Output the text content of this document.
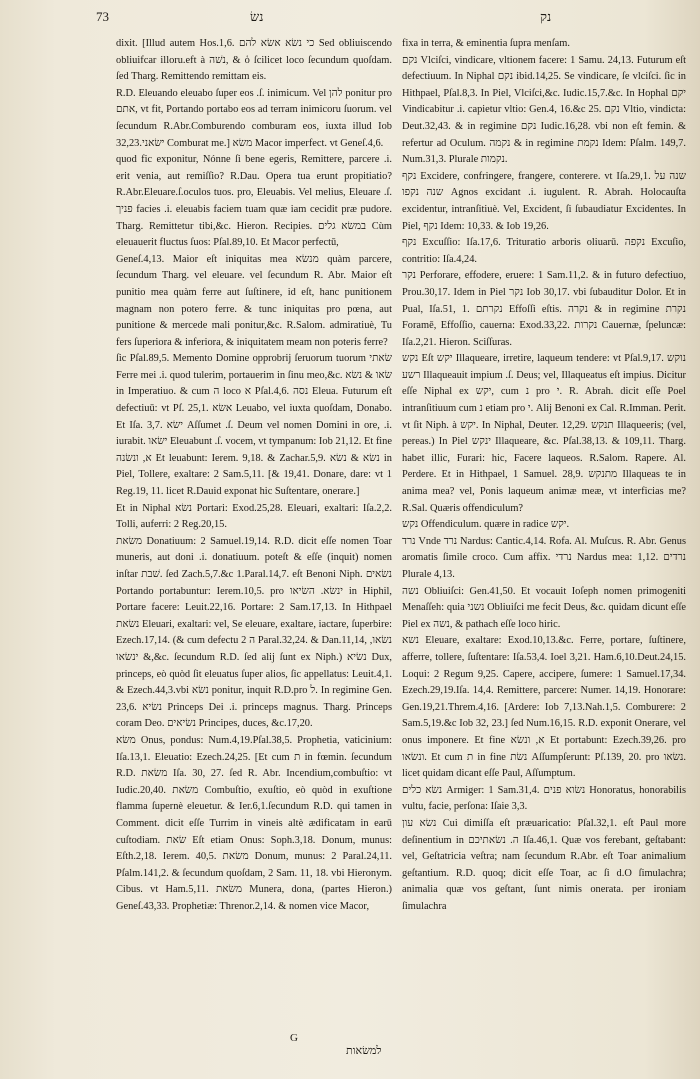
73	נשׂ	נק

dixit. [Illud autem Hos.1,6. כי נשׂא אשׂא להם Sed obliuiscendo obliuifcar illoru.eft à נשׁה, & ὁ ſcilicet loco ſecundum quoſdam. ſed Tharg. Remittendo remittam eis.

R.D. Eleuando eleuabo ſuper eos .ſ. inimicum. Vel להן ponitur pro אתם, vt fit, Portando portabo eos ad terram inimicoru ſuorum. vel ſecundum R.Abr.Comburendo comburam eos, iuxta illud Iob 32,23.ישׂאני Comburat me.] משׂא Macor imperfect. vt Geneſ.4,6.

quod fic exponitur, Nónne ſi bene egeris, Remittere, parcere .i. erit venia, aut remiſſio? R.Dau. Opera tua erunt propitiatio? R.Abr.Eleuare.ſ.oculos tuos. pro, Eleuabis. Vel melius, Eleuare .ſ. פניך facies .i. eleuabis faciem tuam quæ iam cecidit præ pudore. Tharg. Remittetur tibi,&c. Hieron. Recipies. במשׂא גלים Cùm eleuauerit fluctus ſuos: Pſal.89,10. Et Macor perfectū,

Geneſ.4,13. Maior eſt iniquitas mea מנשׂא quàm parcere, ſecundum Tharg. vel eleuare. vel ſecundum R. Abr. Maior eſt punitio mea quàm ferre aut ſuſtinere, id eſt, hanc punitionem magnam non potero ferre. & tunc iniquitas pro pœna, aut punitione & mercede mali ponitur,&c. R.Salom. admiratiuè, Tu fers ſuperiora & inferiora, & iniquitatem meam non poteris ferre?

ſic Pſal.89,5. Memento Domine opprobrij ſeruorum tuorum שׂאתי Ferre mei .i. quod tulerim, portauerim in ſinu meo,&c. שׂאו & נשׂא in Imperatiuo. & cum ה loco א Pſal.4,6. נסה Eleua. Futurum eſt defectiuū: vt Pſ. 25,1. אשׂא Leuabo, vel iuxta quoſdam, Donabo. Et Iſa. 3,7. ישׂא Aſſumet .ſ. Deum vel nomen Domini in ore, .i. iurabit. ישׂאו Eleuabunt .ſ. vocem, vt tympanum: Iob 21,12. Et fine א, ונשׂנה Et leuabunt: Ierem. 9,18. & Zachar.5,9. נשׂא & נשׂא in Piel, Tollere, exaltare: 2 Sam.5,11. [& 19,41. Donare, dare: vt 1 Reg.19, 11. licet R.Dauid exponat hic Suſtentare, onerare.]

Et in Niphal נשׂא Portari: Exod.25,28. Eleuari, exaltari: Iſa.2,2. Tolli, auferri: 2 Reg.20,15.

משׂאת Donatiuum: 2 Samuel.19,14. R.D. dicit eſſe nomen Toar muneris, aut doni .i. donatiuum. poteſt & eſſe (inquit) nomen inſtar שׁבת. ſed Zach.5,7.&c 1.Paral.14,7. eſt Benoni Niph. נשׂאים Portando portabuntur: Ierem.10,5. pro ינשׂא. השׂיאו in Hiphil, Portare facere: Leuit.22,16. Portare: 2 Sam.17,13. In Hithpael נשׂאת Eleuari, exaltari: vel, Se eleuare, exaltare, iactare, ſuperbire: Ezech.17,14. (& cum defectu ה 2 Paral.32,24. & Dan.11,14, נשׂאו, & ינשׂאו,&c. ſecundum R.D. ſed alij ſunt ex Niph.) נשׂיא Dux, princeps, eò quòd ſit eleuatus ſuper alios, ſic appellatus: Leuit.4,1. & Ezech.44,3.vbi נשׂא ponitur, inquit R.D.pro ל. In regimine Gen. 23,6. נשׂיא Princeps Dei .i. princeps magnus. Tharg. Princeps coram Deo. נשׂיאים Principes, duces, &c.17,20.

משׂא Onus, pondus: Num.4,19.Pſal.38,5. Prophetia, vaticinium: Iſa.13,1. Eleuatio: Ezech.24,25. [Et cum ת in fœmin. ſecundum R.D. משׂאת Iſa. 30, 27. ſed R. Abr. Incendium,combuſtio: vt Iudic.20,40. משׂאת Combuſtio, exuſtio, eò quòd in exuſtione flamma ſupernè eleuetur. & Ier.6,1.ſecundum R.D. qui tamen in Comment. dicit eſſe Turrim in vineis altè ædificatam in earū cuſtodiam. שׂאת Eſt etiam Onus: Soph.3,18. Donum, munus: Eſth.2,18. Ierem. 40,5. משׂאת Donum, munus: 2 Paral.24,11. Pſalm.141,2. & ſecundum quoſdam, 2 Sam. 11, 18. vbi Hieronym. Cibus. vt Ham.5,11. משׂאת Munera, dona, (partes Hieron.) Geneſ.43,33. Prophetiæ: Threnor.2,14. & nomen vice Macor,

fixa in terra, & eminentia ſupra menſam.

נקם Vlciſci, vindicare, vltionem facere: 1 Samu. 24,13. Futurum eſt defectiuum. In Niphal נקם ibid.14,25. Se vindicare, ſe vlciſci. ſic in Hithpael, Pſal.8,3. In Piel, Vlciſci,&c. Iudic.15,7.&c. In Hophal יקם Vindicabitur .i. capietur vltio: Gen.4, 16.&c 25. נקם Vltio, vindicta: Deut.32,43. & in regimine נקם Iudic.16,28. vbi non eſt femin. & refertur ad Oculum. נקמה & in regimine נקמת Idem: Pſalm. 149,7. Num.31,3. Plurale נקמות.

נקף Excidere, confringere, frangere, conterere. vt Iſa.29,1. שנה על שנה נקפו Agnos excidant .i. iugulent. R. Abrah. Holocauſta excidentur, intranſitiuè. Vel, Excident, ſi ſubaudiatur Excidentes. In Piel, נקף Idem: 10,33. & Iob 19,26.

נקף Excuſſio: Iſa.17,6. Trituratio arboris oliuarū. נקפה Excuſio, contritio: Iſa.4,24.

נקר Perforare, effodere, eruere: 1 Sam.11,2. & in futuro defectiuo, Prou.30,17. Idem in Piel נקר Iob 30,17. vbi ſubauditur Dolor. Et in Pual, Iſa.51, 1. נקרתם Effoſſi eſtis. נקרה & in regimine נקרת Foramē, Effoſſio, cauerna: Exod.33,22. נקרות Cauernæ, ſpeluncæ: Iſa.2,21. Hieron. Sciſſuras.

נקש Eſt יקש Illaqueare, irretire, laqueum tendere: vt Pſal.9,17. נוקש רשע Illaqueauit impium .ſ. Deus; vel, Illaqueatus eſt impius. Dicitur eſſe Niphal ex יקש, cum נ pro י. R. Abrah. dicit eſſe Poel intranſitiuum cum נ etiam pro י. Alij Benoni ex Cal. R.Imman. Perit. vt ſit Niph. à יקש. In Niphal, Deuter. 12,29. תנקש Illaqueeris; (vel, pereas.) In Piel ינקש Illaqueare, &c. Pſal.38,13. & 109,11. Tharg. habet illic, Furari: hic, Facere laqueos. R.Salom. Rapere. Al. Perdere. Et in Hithpael, 1 Samuel. 28,9. מתנקש Illaqueas te in anima mea? vel, Ponis laqueum animæ meæ, vt interficias me? R.Sal. Quæris offendiculum?

נקש Offendiculum. quære in radice יקש.

נרד Vnde נרד Nardus: Cantic.4,14. Rofa. Al. Muſcus. R. Abr. Genus aromatis ſimile croco. Cum affix. נרדי Nardus mea: 1,12. נרדים Plurale 4,13.

נשה Obliuiſci: Gen.41,50. Et vocauit Ioſeph nomen primogeniti Menaſſeh: quia נשני Obliuiſci me fecit Deus, &c. quidam dicunt eſſe Piel ex נשה, & pathach eſſe loco hiric.

נשא Eleuare, exaltare: Exod.10,13.&c. Ferre, portare, ſuſtinere, afferre, tollere, ſuſtentare: Iſa.53,4. Ioel 3,21. Ham.6,10.Deut.24,15. Loqui: 2 Regum 9,25. Capere, accipere, ſumere: 1 Samuel.17,34. Ezech.29,19.Iſa. 14,4. Remittere, parcere: Numer. 14,19. Honorare: Gen.19,21.Threm.4,16. [Ardere: Iob 7,13.Nah.1,5. Comburere: 2 Sam.5,19.&c Iob 32, 23.] ſed Num.16,15. R.D. exponit Onerare, vel onus imponere. Et fine א, ונשׂא Et portabunt: Ezech.39,26. pro ונשׂאו. Et cum ת in fine נשׂת Aſſumpſerunt: Pſ.139, 20. pro נשׂאו. licet quidam dicant eſſe Paul, Aſſumptum.

נשׂא כלים Armiger: 1 Sam.31,4. נשׂוא פנים Honoratus, honorabilis vultu, facie, perſona: Iſaie 3,3.

נשׂא עון Cui dimiſſa eſt præuaricatio: Pſal.32,1. eſt Paul more deſinentium in ה. נשׂאתיכם Iſa.46,1. Quæ vos ferebant, geſtabant: vel, Geſtatricia veſtra; nam ſecundum R.Abr. eſt Toar animalium geſtantium. R.D. quoq; dicit eſſe Toar, ac ſi d.O ſimulachra; animalia quæ vos geſtant, ſunt nimis onerata. per ironiam ſimulachra

G
למשׂאות
